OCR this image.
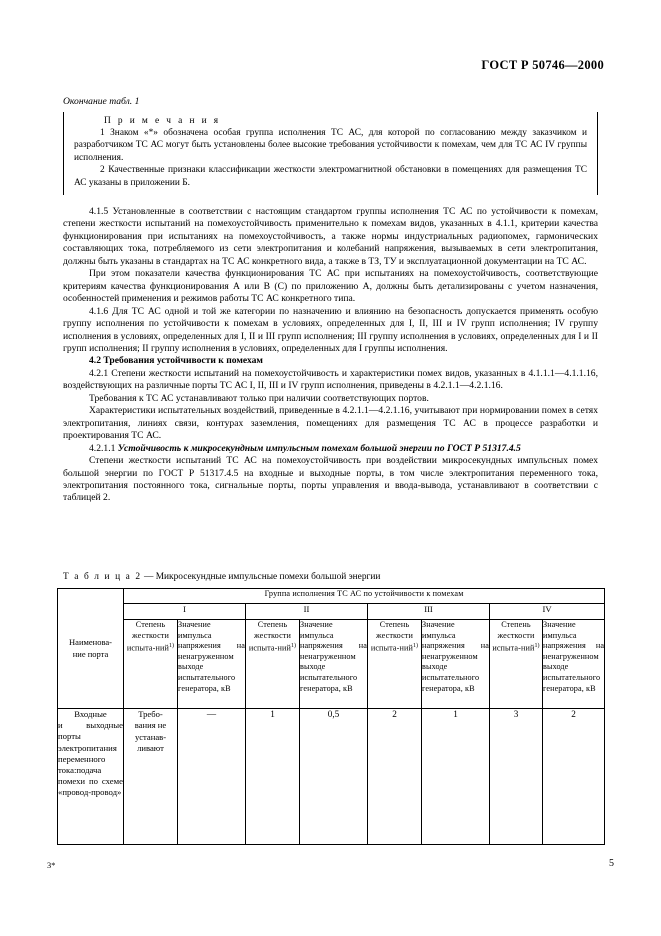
ГОСТ Р 50746—2000
Окончание табл. 1
П р и м е ч а н и я

1 Знаком «*» обозначена особая группа исполнения ТС АС, для которой по согласованию между заказчиком и разработчиком ТС АС могут быть установлены более высокие требования устойчивости к помехам, чем для ТС АС IV группы исполнения.

2 Качественные признаки классификации жесткости электромагнитной обстановки в помещениях для размещения ТС АС указаны в приложении Б.

4.1.5 Установленные в соответствии с настоящим стандартом группы исполнения ТС АС по устойчивости к помехам, степени жесткости испытаний на помехоустойчивость применительно к помехам видов, указанных в 4.1.1, критерии качества функционирования при испытаниях на помехоустойчивость, а также нормы индустриальных радиопомех, гармонических составляющих тока, потребляемого из сети электропитания и колебаний напряжения, вызываемых в сети электропитания, должны быть указаны в стандартах на ТС АС конкретного вида, а также в ТЗ, ТУ и эксплуатационной документации на ТС АС.

При этом показатели качества функционирования ТС АС при испытаниях на помехоустойчивость, соответствующие критериям качества функционирования А или В (С) по приложению А, должны быть детализированы с учетом назначения, особенностей применения и режимов работы ТС АС конкретного типа.

4.1.6 Для ТС АС одной и той же категории по назначению и влиянию на безопасность допускается применять особую группу исполнения по устойчивости к помехам в условиях, определенных для I, II, III и IV групп исполнения; IV группу исполнения в условиях, определенных для I, II и III групп исполнения; III группу исполнения в условиях, определенных для I и II групп исполнения; II группу исполнения в условиях, определенных для I группы исполнения.

4.2 Требования устойчивости к помехам

4.2.1 Степени жесткости испытаний на помехоустойчивость и характеристики помех видов, указанных в 4.1.1.1—4.1.1.16, воздействующих на различные порты ТС АС I, II, III и IV групп исполнения, приведены в 4.2.1.1—4.2.1.16.

Требования к ТС АС устанавливают только при наличии соответствующих портов.

Характеристики испытательных воздействий, приведенные в 4.2.1.1—4.2.1.16, учитывают при нормировании помех в сетях электропитания, линиях связи, контурах заземления, помещениях для размещения ТС АС в процессе разработки и проектирования ТС АС.

4.2.1.1 Устойчивость к микросекундным импульсным помехам большой энергии по ГОСТ Р 51317.4.5

Степени жесткости испытаний ТС АС на помехоустойчивость при воздействии микросекундных импульсных помех большой энергии по ГОСТ Р 51317.4.5 на входные и выходные порты, в том числе электропитания переменного тока, электропитания постоянного тока, сигнальные порты, порты управления и ввода-вывода, устанавливают в соответствии с таблицей 2.

Т а б л и ц а 2 — Микросекундные импульсные помехи большой энергии
Наименова-
ние порта	Группа исполнения ТС АС по устойчивости к помехам							
	I		II		III		IV	
	Степень жесткости испыта-ний$^{1)}$	Значение импульса напряжения на ненагруженном выходе испытательного генератора, кВ	Степень жесткости испыта-ний$^{1)}$	Значение импульса напряжения на ненагруженном выходе испытательного генератора, кВ	Степень жесткости испыта-ний$^{1)}$	Значение импульса напряжения на ненагруженном выходе испытательного генератора, кВ	Степень жесткости испыта-ний$^{1)}$	Значение импульса напряжения на ненагруженном выходе испытательного генератора, кВ

Входные
и выходные порты электропитания переменного тока:подача помехи по схеме «провод-провод»	Требо-
вания не устанав-
ливают	—	1	0,5	2	1	3	2
3*	5
